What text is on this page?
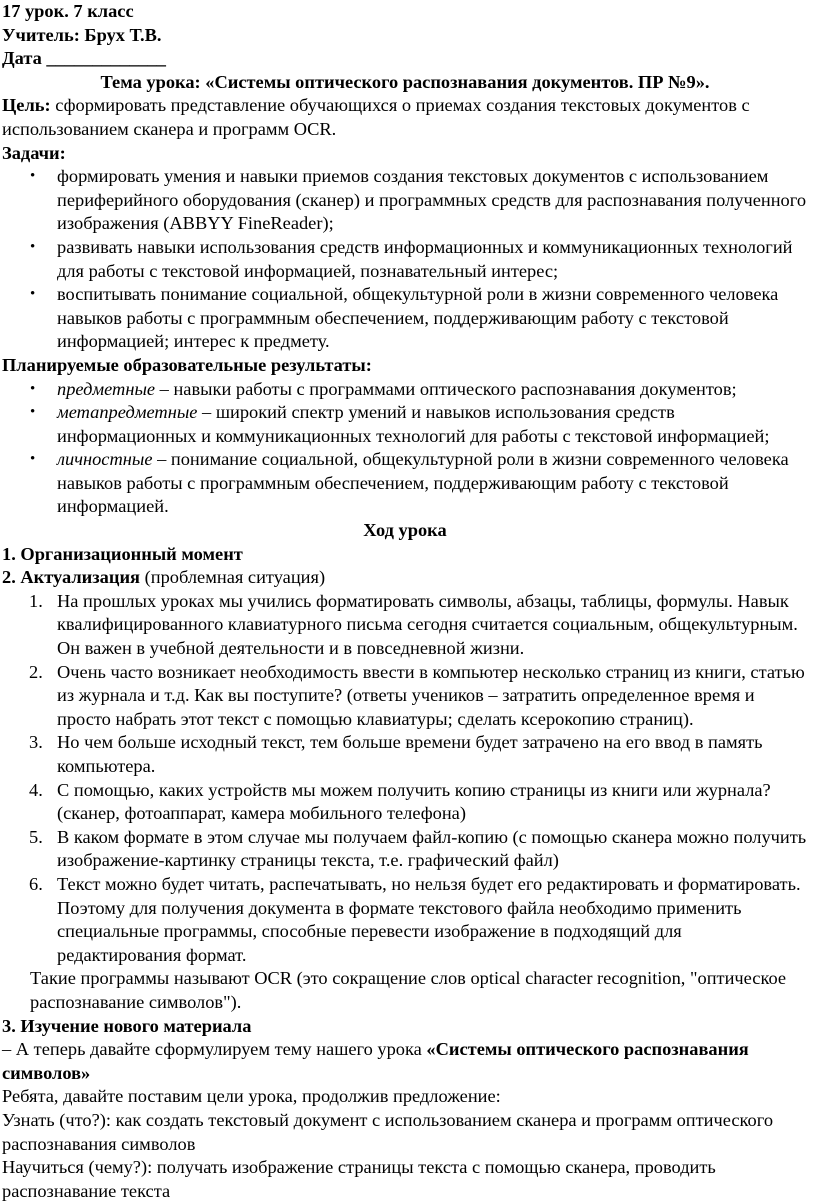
17 урок. 7 класс

Учитель: Брух Т.В.

Дата _____________

Тема урока: «Системы оптического распознавания документов. ПР №9».

Цель: сформировать представление обучающихся о приемах создания текстовых документов с использованием сканера и программ OCR.

Задачи:

• формировать умения и навыки приемов создания текстовых документов с использованием периферийного оборудования (сканер) и программных средств для распознавания полученного изображения (ABBYY FineReader);
• развивать навыки использования средств информационных и коммуникационных технологий для работы с текстовой информацией, познавательный интерес;
• воспитывать понимание социальной, общекультурной роли в жизни современного человека навыков работы с программным обеспечением, поддерживающим работу с текстовой информацией; интерес к предмету.

Планируемые образовательные результаты:

• предметные – навыки работы с программами оптического распознавания документов;
• метапредметные – широкий спектр умений и навыков использования средств информационных и коммуникационных технологий для работы с текстовой информацией;
• личностные – понимание социальной, общекультурной роли в жизни современного человека навыков работы с программным обеспечением, поддерживающим работу с текстовой информацией.

Ход урока

1. Организационный момент

2. Актуализация (проблемная ситуация)

1. На прошлых уроках мы учились форматировать символы, абзацы, таблицы, формулы. Навык квалифицированного клавиатурного письма сегодня считается социальным, общекультурным. Он важен в учебной деятельности и в повседневной жизни.
2. Очень часто возникает необходимость ввести в компьютер несколько страниц из книги, статью из журнала и т.д. Как вы поступите? (ответы учеников – затратить определенное время и просто набрать этот текст с помощью клавиатуры; сделать ксерокопию страниц).
3. Но чем больше исходный текст, тем больше времени будет затрачено на его ввод в память компьютера.
4. С помощью, каких устройств мы можем получить копию страницы из книги или журнала? (сканер, фотоаппарат, камера мобильного телефона)
5. В каком формате в этом случае мы получаем файл-копию (с помощью сканера можно получить изображение-картинку страницы текста, т.е. графический файл)
6. Текст можно будет читать, распечатывать, но нельзя будет его редактировать и форматировать. Поэтому для получения документа в формате текстового файла необходимо применить специальные программы, способные перевести изображение в подходящий для редактирования формат.

Такие программы называют OCR (это сокращение слов optical character recognition, "оптическое распознавание символов").

3. Изучение нового материала

– А теперь давайте сформулируем тему нашего урока «Системы оптического распознавания символов»

Ребята, давайте поставим цели урока, продолжив предложение:

Узнать (что?): как создать текстовый документ с использованием сканера и программ оптического распознавания символов

Научиться (чему?): получать изображение страницы текста с помощью сканера, проводить распознавание текста
